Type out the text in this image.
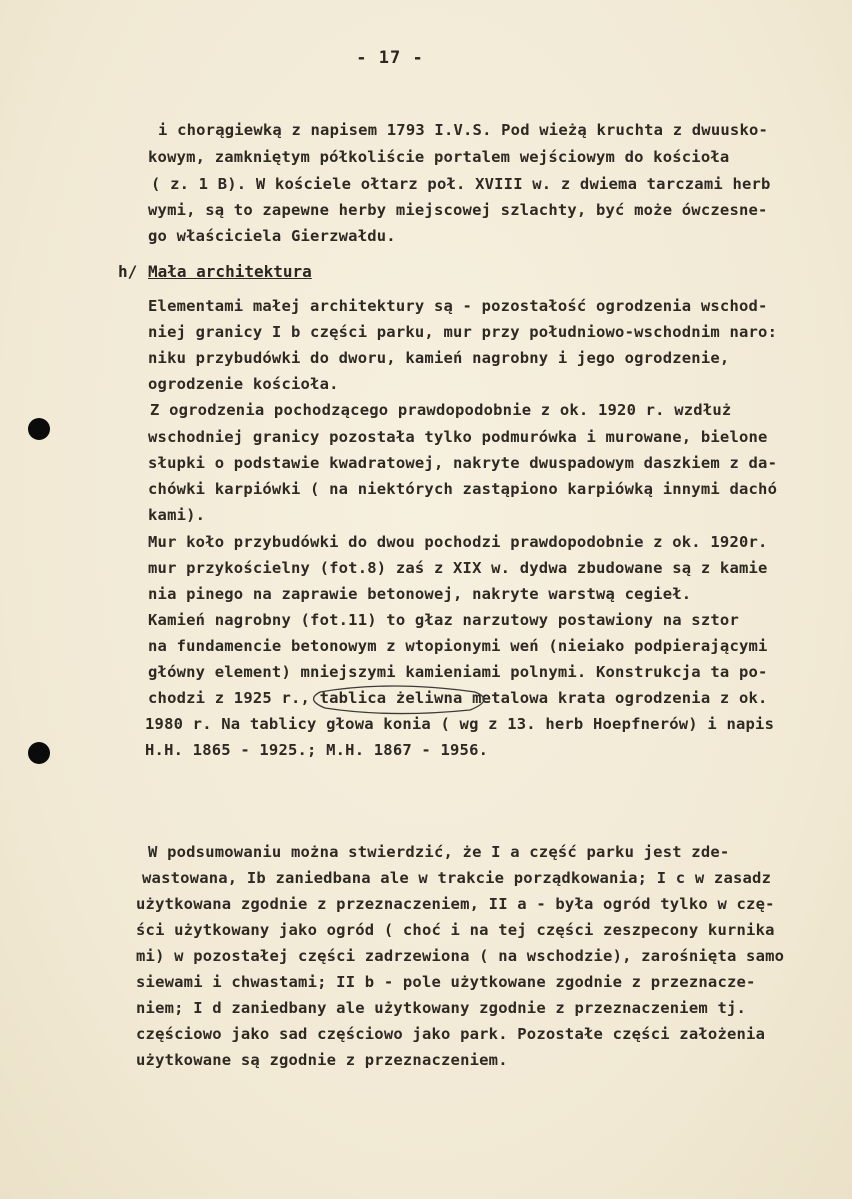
- 17 -
i chorągiewką z napisem 1793 I.V.S. Pod wieżą kruchta z dwuusko-
kowym, zamkniętym półkoliście portalem wejściowym do kościoła
( z. 1 B). W kościele ołtarz poł. XVIII w. z dwiema tarczami herb
wymi, są to zapewne herby miejscowej szlachty, być może ówczesne-
go właściciela Gierzwałdu.
h/ Mała architektura
Elementami małej architektury są - pozostałość ogrodzenia wschod-
niej granicy I b części parku, mur przy południowo-wschodnim naro:
niku przybudówki do dworu, kamień nagrobny i jego ogrodzenie,
ogrodzenie kościoła.
Z ogrodzenia pochodzącego prawdopodobnie z ok. 1920 r. wzdłuż
wschodniej granicy pozostała tylko podmurówka i murowane, bielone
słupki o podstawie kwadratowej, nakryte dwuspadowym daszkiem z da-
chówki karpiówki ( na niektórych zastąpiono karpiówką innymi dachó
kami).
Mur koło przybudówki do dwou pochodzi prawdopodobnie z ok. 1920r.
mur przykościelny (fot.8) zaś z XIX w. dydwa zbudowane są z kamie
nia pinego na zaprawie betonowej, nakryte warstwą cegieł.
Kamień nagrobny (fot.11) to głaz narzutowy postawiony na sztor
na fundamencie betonowym z wtopionymi weń (nieiako podpierającymi
główny element) mniejszymi kamieniami polnymi. Konstrukcja ta po-
chodzi z 1925 r., tablica żeliwna metalowa krata ogrodzenia z ok.
1980 r. Na tablicy głowa konia ( wg z 13. herb Hoepfnerów) i napis
H.H. 1865 - 1925.; M.H. 1867 - 1956.
W podsumowaniu można stwierdzić, że I a część parku jest zde-
wastowana, Ib zaniedbana ale w trakcie porządkowania; I c w zasadz
użytkowana zgodnie z przeznaczeniem, II a - była ogród tylko w czę-
ści użytkowany jako ogród ( choć i na tej części zeszpecony kurnika
mi) w pozostałej części zadrzewiona ( na wschodzie), zarośnięta samo
siewami i chwastami; II b - pole użytkowane zgodnie z przeznacze-
niem; I d zaniedbany ale użytkowany zgodnie z przeznaczeniem tj.
częściowo jako sad częściowo jako park. Pozostałe części założenia
użytkowane są zgodnie z przeznaczeniem.
